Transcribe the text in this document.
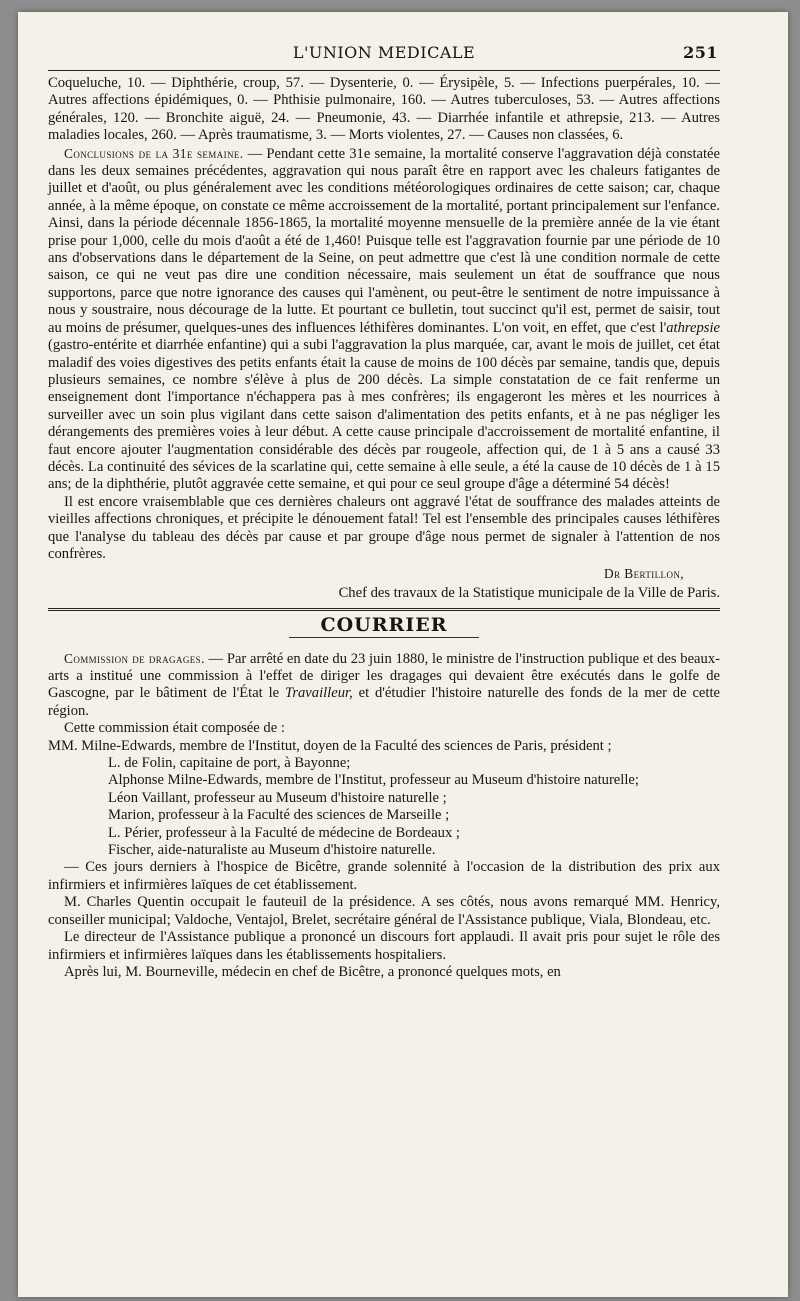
L'UNION MEDICALE	251

Coqueluche, 10. — Diphthérie, croup, 57. — Dysenterie, 0. — Érysipèle, 5. — Infections puerpérales, 10. — Autres affections épidémiques, 0. — Phthisie pulmonaire, 160. — Autres tuberculoses, 53. — Autres affections générales, 120. — Bronchite aiguë, 24. — Pneumonie, 43. — Diarrhée infantile et athrepsie, 213. — Autres maladies locales, 260. — Après traumatisme, 3. — Morts violentes, 27. — Causes non classées, 6.

Conclusions de la 31e semaine. — Pendant cette 31e semaine, la mortalité conserve l'aggravation déjà constatée dans les deux semaines précédentes, aggravation qui nous paraît être en rapport avec les chaleurs fatigantes de juillet et d'août, ou plus généralement avec les conditions météorologiques ordinaires de cette saison; car, chaque année, à la même époque, on constate ce même accroissement de la mortalité, portant principalement sur l'enfance. Ainsi, dans la période décennale 1856-1865, la mortalité moyenne mensuelle de la première année de la vie étant prise pour 1,000, celle du mois d'août a été de 1,460! Puisque telle est l'aggravation fournie par une période de 10 ans d'observations dans le département de la Seine, on peut admettre que c'est là une condition normale de cette saison, ce qui ne veut pas dire une condition nécessaire, mais seulement un état de souffrance que nous supportons, parce que notre ignorance des causes qui l'amènent, ou peut-être le sentiment de notre impuissance à nous y soustraire, nous décourage de la lutte. Et pourtant ce bulletin, tout succinct qu'il est, permet de saisir, tout au moins de présumer, quelques-unes des influences léthifères dominantes. L'on voit, en effet, que c'est l'athrepsie (gastro-entérite et diarrhée enfantine) qui a subi l'aggravation la plus marquée, car, avant le mois de juillet, cet état maladif des voies digestives des petits enfants était la cause de moins de 100 décès par semaine, tandis que, depuis plusieurs semaines, ce nombre s'élève à plus de 200 décès. La simple constatation de ce fait renferme un enseignement dont l'importance n'échappera pas à mes confrères; ils engageront les mères et les nourrices à surveiller avec un soin plus vigilant dans cette saison d'alimentation des petits enfants, et à ne pas négliger les dérangements des premières voies à leur début. A cette cause principale d'accroissement de mortalité enfantine, il faut encore ajouter l'augmentation considérable des décès par rougeole, affection qui, de 1 à 5 ans a causé 33 décès. La continuité des sévices de la scarlatine qui, cette semaine à elle seule, a été la cause de 10 décès de 1 à 15 ans; de la diphthérie, plutôt aggravée cette semaine, et qui pour ce seul groupe d'âge a déterminé 54 décès!

Il est encore vraisemblable que ces dernières chaleurs ont aggravé l'état de souffrance des malades atteints de vieilles affections chroniques, et précipite le dénouement fatal! Tel est l'ensemble des principales causes léthifères que l'analyse du tableau des décès par cause et par groupe d'âge nous permet de signaler à l'attention de nos confrères.

Dr Bertillon,
Chef des travaux de la Statistique municipale de la Ville de Paris.
COURRIER

Commission de dragages. — Par arrêté en date du 23 juin 1880, le ministre de l'instruction publique et des beaux-arts a institué une commission à l'effet de diriger les dragages qui devaient être exécutés dans le golfe de Gascogne, par le bâtiment de l'État le Travailleur, et d'étudier l'histoire naturelle des fonds de la mer de cette région.

Cette commission était composée de :

MM. Milne-Edwards, membre de l'Institut, doyen de la Faculté des sciences de Paris, président ;
L. de Folin, capitaine de port, à Bayonne;
Alphonse Milne-Edwards, membre de l'Institut, professeur au Museum d'histoire naturelle;
Léon Vaillant, professeur au Museum d'histoire naturelle ;
Marion, professeur à la Faculté des sciences de Marseille ;
L. Périer, professeur à la Faculté de médecine de Bordeaux ;
Fischer, aide-naturaliste au Museum d'histoire naturelle.

— Ces jours derniers à l'hospice de Bicêtre, grande solennité à l'occasion de la distribution des prix aux infirmiers et infirmières laïques de cet établissement.

M. Charles Quentin occupait le fauteuil de la présidence. A ses côtés, nous avons remarqué MM. Henricy, conseiller municipal; Valdoche, Ventajol, Brelet, secrétaire général de l'Assistance publique, Viala, Blondeau, etc.

Le directeur de l'Assistance publique a prononcé un discours fort applaudi. Il avait pris pour sujet le rôle des infirmiers et infirmières laïques dans les établissements hospitaliers.

Après lui, M. Bourneville, médecin en chef de Bicêtre, a prononcé quelques mots, en
